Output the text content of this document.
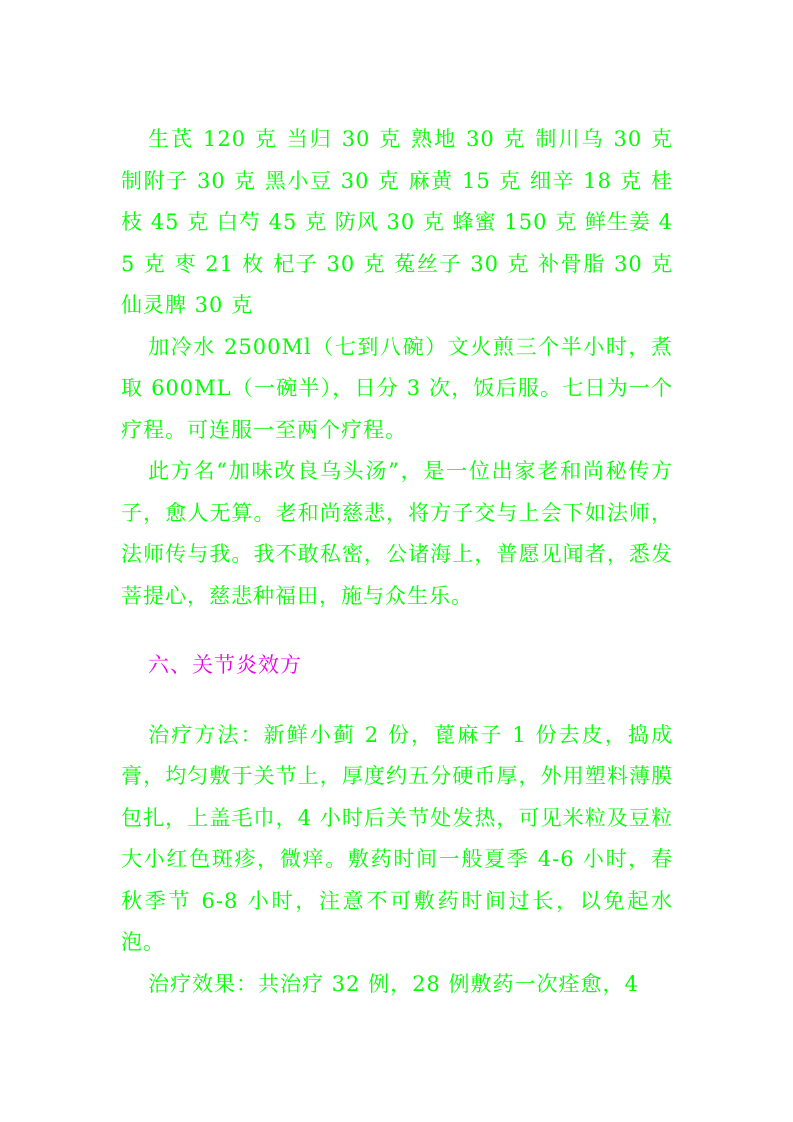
生芪 120 克 当归 30 克 熟地 30 克 制川乌 30 克 制附子 30 克 黑小豆 30 克 麻黄 15 克 细辛 18 克 桂枝 45 克 白芍 45 克 防风 30 克 蜂蜜 150 克 鲜生姜 45 克 枣 21 枚 杞子 30 克 菟丝子 30 克 补骨脂 30 克 仙灵脾 30 克

加冷水 2500Ml（七到八碗）文火煎三个半小时，煮取 600ML（一碗半），日分 3 次，饭后服。七日为一个疗程。可连服一至两个疗程。

此方名“加味改良乌头汤”，是一位出家老和尚秘传方子，愈人无算。老和尚慈悲，将方子交与上会下如法师，法师传与我。我不敢私密，公诸海上，普愿见闻者，悉发菩提心，慈悲种福田，施与众生乐。

六、关节炎效方

治疗方法：新鲜小蓟 2 份，蓖麻子 1 份去皮，捣成膏，均匀敷于关节上，厚度约五分硬币厚，外用塑料薄膜包扎，上盖毛巾，4 小时后关节处发热，可见米粒及豆粒大小红色斑疹，微痒。敷药时间一般夏季 4-6 小时，春秋季节 6-8 小时，注意不可敷药时间过长，以免起水泡。

治疗效果：共治疗 32 例，28 例敷药一次痊愈，4
